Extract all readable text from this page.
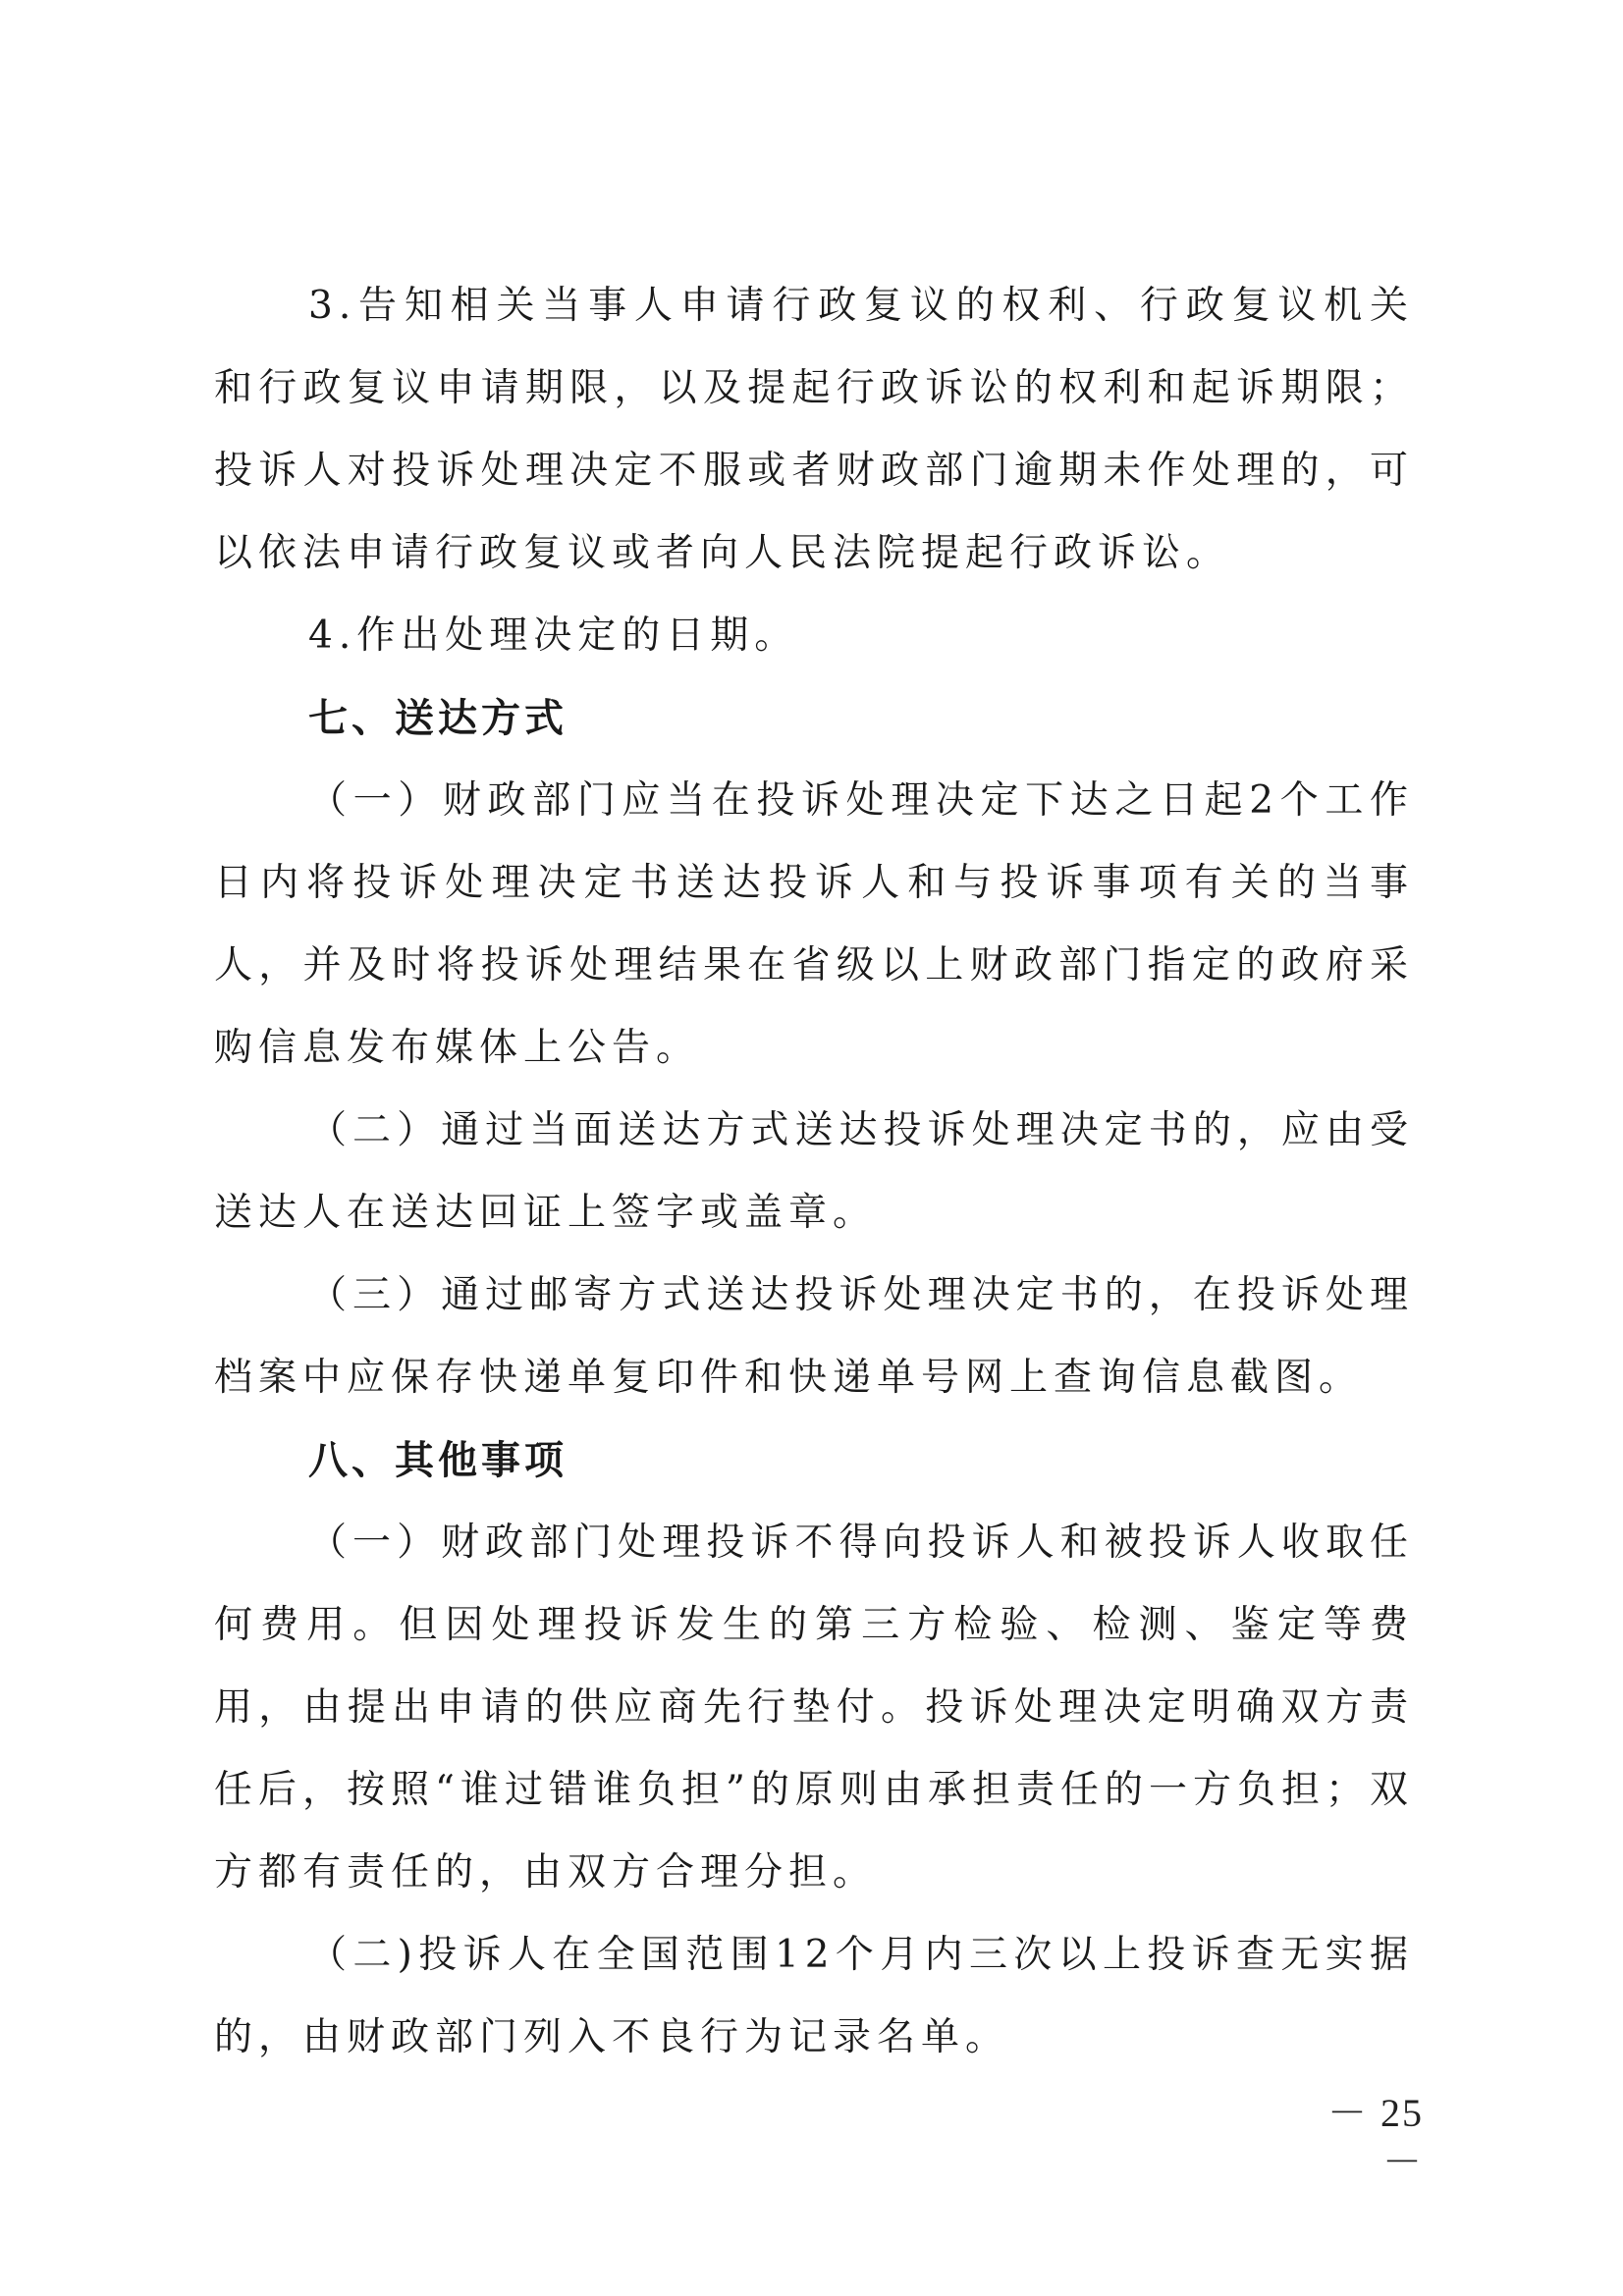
3.告知相关当事人申请行政复议的权利、行政复议机关和行政复议申请期限，以及提起行政诉讼的权利和起诉期限；投诉人对投诉处理决定不服或者财政部门逾期未作处理的，可以依法申请行政复议或者向人民法院提起行政诉讼。

4.作出处理决定的日期。

七、送达方式

（一）财政部门应当在投诉处理决定下达之日起2个工作日内将投诉处理决定书送达投诉人和与投诉事项有关的当事人，并及时将投诉处理结果在省级以上财政部门指定的政府采购信息发布媒体上公告。

（二）通过当面送达方式送达投诉处理决定书的，应由受送达人在送达回证上签字或盖章。

（三）通过邮寄方式送达投诉处理决定书的，在投诉处理档案中应保存快递单复印件和快递单号网上查询信息截图。

八、其他事项

（一）财政部门处理投诉不得向投诉人和被投诉人收取任何费用。但因处理投诉发生的第三方检验、检测、鉴定等费用，由提出申请的供应商先行垫付。投诉处理决定明确双方责任后，按照“谁过错谁负担”的原则由承担责任的一方负担；双方都有责任的，由双方合理分担。

（二)投诉人在全国范围12个月内三次以上投诉查无实据的，由财政部门列入不良行为记录名单。

－ 25 －
